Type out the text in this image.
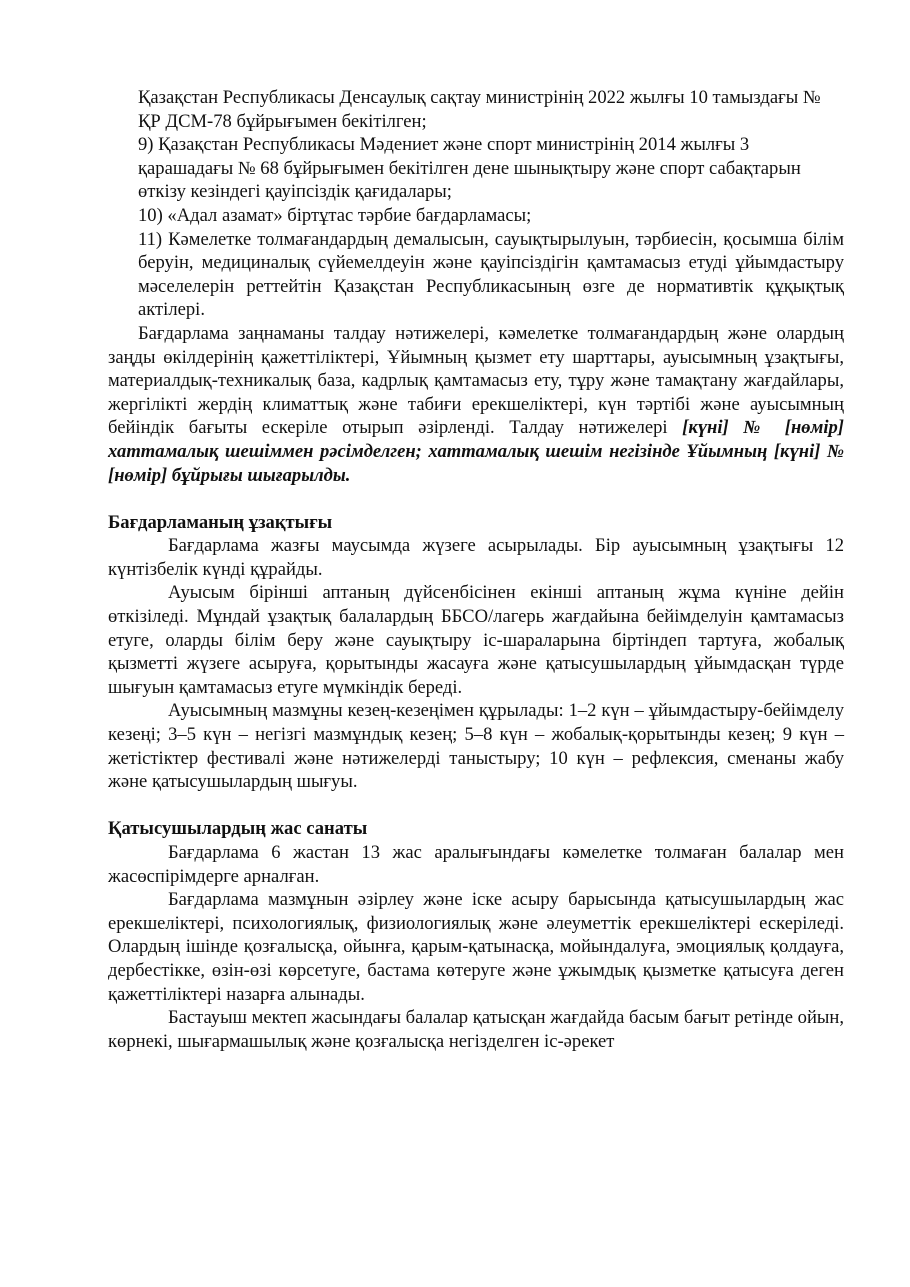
Қазақстан Республикасы Денсаулық сақтау министрінің 2022 жылғы 10 тамыздағы № ҚР ДСМ-78 бұйрығымен бекітілген;

9) Қазақстан Республикасы Мәдениет және спорт министрінің 2014 жылғы 3 қарашадағы № 68 бұйрығымен бекітілген дене шынықтыру және спорт сабақтарын өткізу кезіндегі қауіпсіздік қағидалары;

10) «Адал азамат» біртұтас тәрбие бағдарламасы;

11) Кәмелетке толмағандардың демалысын, сауықтырылуын, тәрбиесін, қосымша білім беруін, медициналық сүйемелдеуін және қауіпсіздігін қамтамасыз етуді ұйымдастыру мәселелерін реттейтін Қазақстан Республикасының өзге де нормативтік құқықтық актілері.

Бағдарлама заңнаманы талдау нәтижелері, кәмелетке толмағандардың және олардың заңды өкілдерінің қажеттіліктері, Ұйымның қызмет ету шарттары, ауысымның ұзақтығы, материалдық-техникалық база, кадрлық қамтамасыз ету, тұру және тамақтану жағдайлары, жергілікті жердің климаттық және табиғи ерекшеліктері, күн тәртібі және ауысымның бейіндік бағыты ескеріле отырып әзірленді. Талдау нәтижелері [күні] № [нөмір] хаттамалық шешіммен рәсімделген; хаттамалық шешім негізінде Ұйымның [күні] № [нөмір] бұйрығы шығарылды.

Бағдарламаның ұзақтығы

Бағдарлама жазғы маусымда жүзеге асырылады. Бір ауысымның ұзақтығы 12 күнтізбелік күнді құрайды.

Ауысым бірінші аптаның дүйсенбісінен екінші аптаның жұма күніне дейін өткізіледі. Мұндай ұзақтық балалардың ББСО/лагерь жағдайына бейімделуін қамтамасыз етуге, оларды білім беру және сауықтыру іс-шараларына біртіндеп тартуға, жобалық қызметті жүзеге асыруға, қорытынды жасауға және қатысушылардың ұйымдасқан түрде шығуын қамтамасыз етуге мүмкіндік береді.

Ауысымның мазмұны кезең-кезеңімен құрылады: 1–2 күн – ұйымдастыру-бейімделу кезеңі; 3–5 күн – негізгі мазмұндық кезең; 5–8 күн – жобалық-қорытынды кезең; 9 күн – жетістіктер фестивалі және нәтижелерді таныстыру; 10 күн – рефлексия, сменаны жабу және қатысушылардың шығуы.

Қатысушылардың жас санаты

Бағдарлама 6 жастан 13 жас аралығындағы кәмелетке толмаған балалар мен жасөспірімдерге арналған.

Бағдарлама мазмұнын әзірлеу және іске асыру барысында қатысушылардың жас ерекшеліктері, психологиялық, физиологиялық және әлеуметтік ерекшеліктері ескеріледі. Олардың ішінде қозғалысқа, ойынға, қарым-қатынасқа, мойындалуға, эмоциялық қолдауға, дербестікке, өзін-өзі көрсетуге, бастама көтеруге және ұжымдық қызметке қатысуға деген қажеттіліктері назарға алынады.

Бастауыш мектеп жасындағы балалар қатысқан жағдайда басым бағыт ретінде ойын, көрнекі, шығармашылық және қозғалысқа негізделген іс-әрекет
